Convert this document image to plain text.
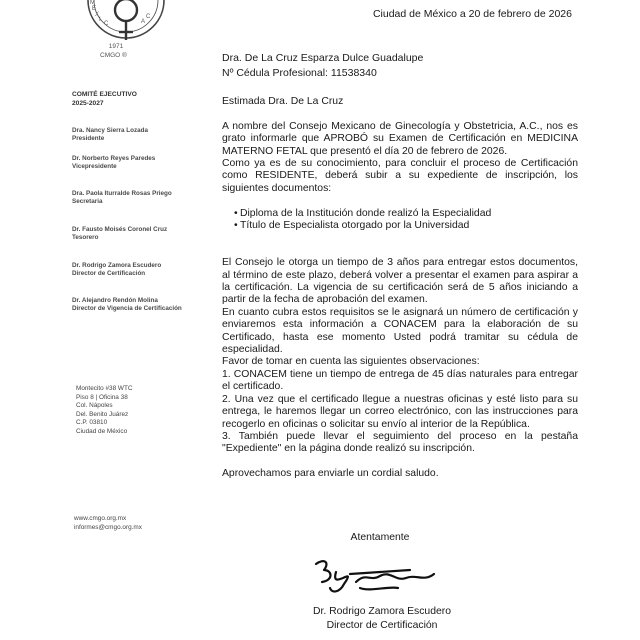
M
E
X
I
C	A
C
1971
CMGO ®
Ciudad de México a 20 de febrero de 2026
Dra. De La Cruz Esparza Dulce Guadalupe
Nº Cédula Profesional: 11538340
COMITÉ EJECUTIVO
2025-2027
Dra. Nancy Sierra Lozada
Presidente
Dr. Norberto Reyes Paredes
Vicepresidente
Dra. Paola Iturralde Rosas Priego
Secretaria
Dr. Fausto Moisés Coronel Cruz
Tesorero
Dr. Rodrigo Zamora Escudero
Director de Certificación
Dr. Alejandro Rendón Molina
Director de Vigencia de Certificación
Montecito #38 WTC
Piso 8 | Oficina 38
Col. Nápoles
Del. Benito Juárez
C.P. 03810
Ciudad de México
www.cmgo.org.mx
informes@cmgo.org.mx

Estimada Dra. De La Cruz

A nombre del Consejo Mexicano de Ginecología y Obstetricia, A.C., nos es grato informarle que APROBÓ su Examen de Certificación en MEDICINA MATERNO FETAL que presentó el día 20 de febrero de 2026.

Como ya es de su conocimiento, para concluir el proceso de Certificación como RESIDENTE, deberá subir a su expediente de inscripción, los siguientes documentos:

• Diploma de la Institución donde realizó la Especialidad
• Título de Especialista otorgado por la Universidad

El Consejo le otorga un tiempo de 3 años para entregar estos documentos, al término de este plazo, deberá volver a presentar el examen para aspirar a la certificación. La vigencia de su certificación será de 5 años iniciando a partir de la fecha de aprobación del examen.

En cuanto cubra estos requisitos se le asignará un número de certificación y enviaremos esta información a CONACEM para la elaboración de su Certificado, hasta ese momento Usted podrá tramitar su cédula de especialidad.

Favor de tomar en cuenta las siguientes observaciones:

1. CONACEM tiene un tiempo de entrega de 45 días naturales para entregar el certificado.

2. Una vez que el certificado llegue a nuestras oficinas y esté listo para su entrega, le haremos llegar un correo electrónico, con las instrucciones para recogerlo en oficinas o solicitar su envío al interior de la República.

3. También puede llevar el seguimiento del proceso en la pestaña "Expediente" en la página donde realizó su inscripción.

Aprovechamos para enviarle un cordial saludo.

Atentamente
Dr. Rodrigo Zamora Escudero
Director de Certificación
